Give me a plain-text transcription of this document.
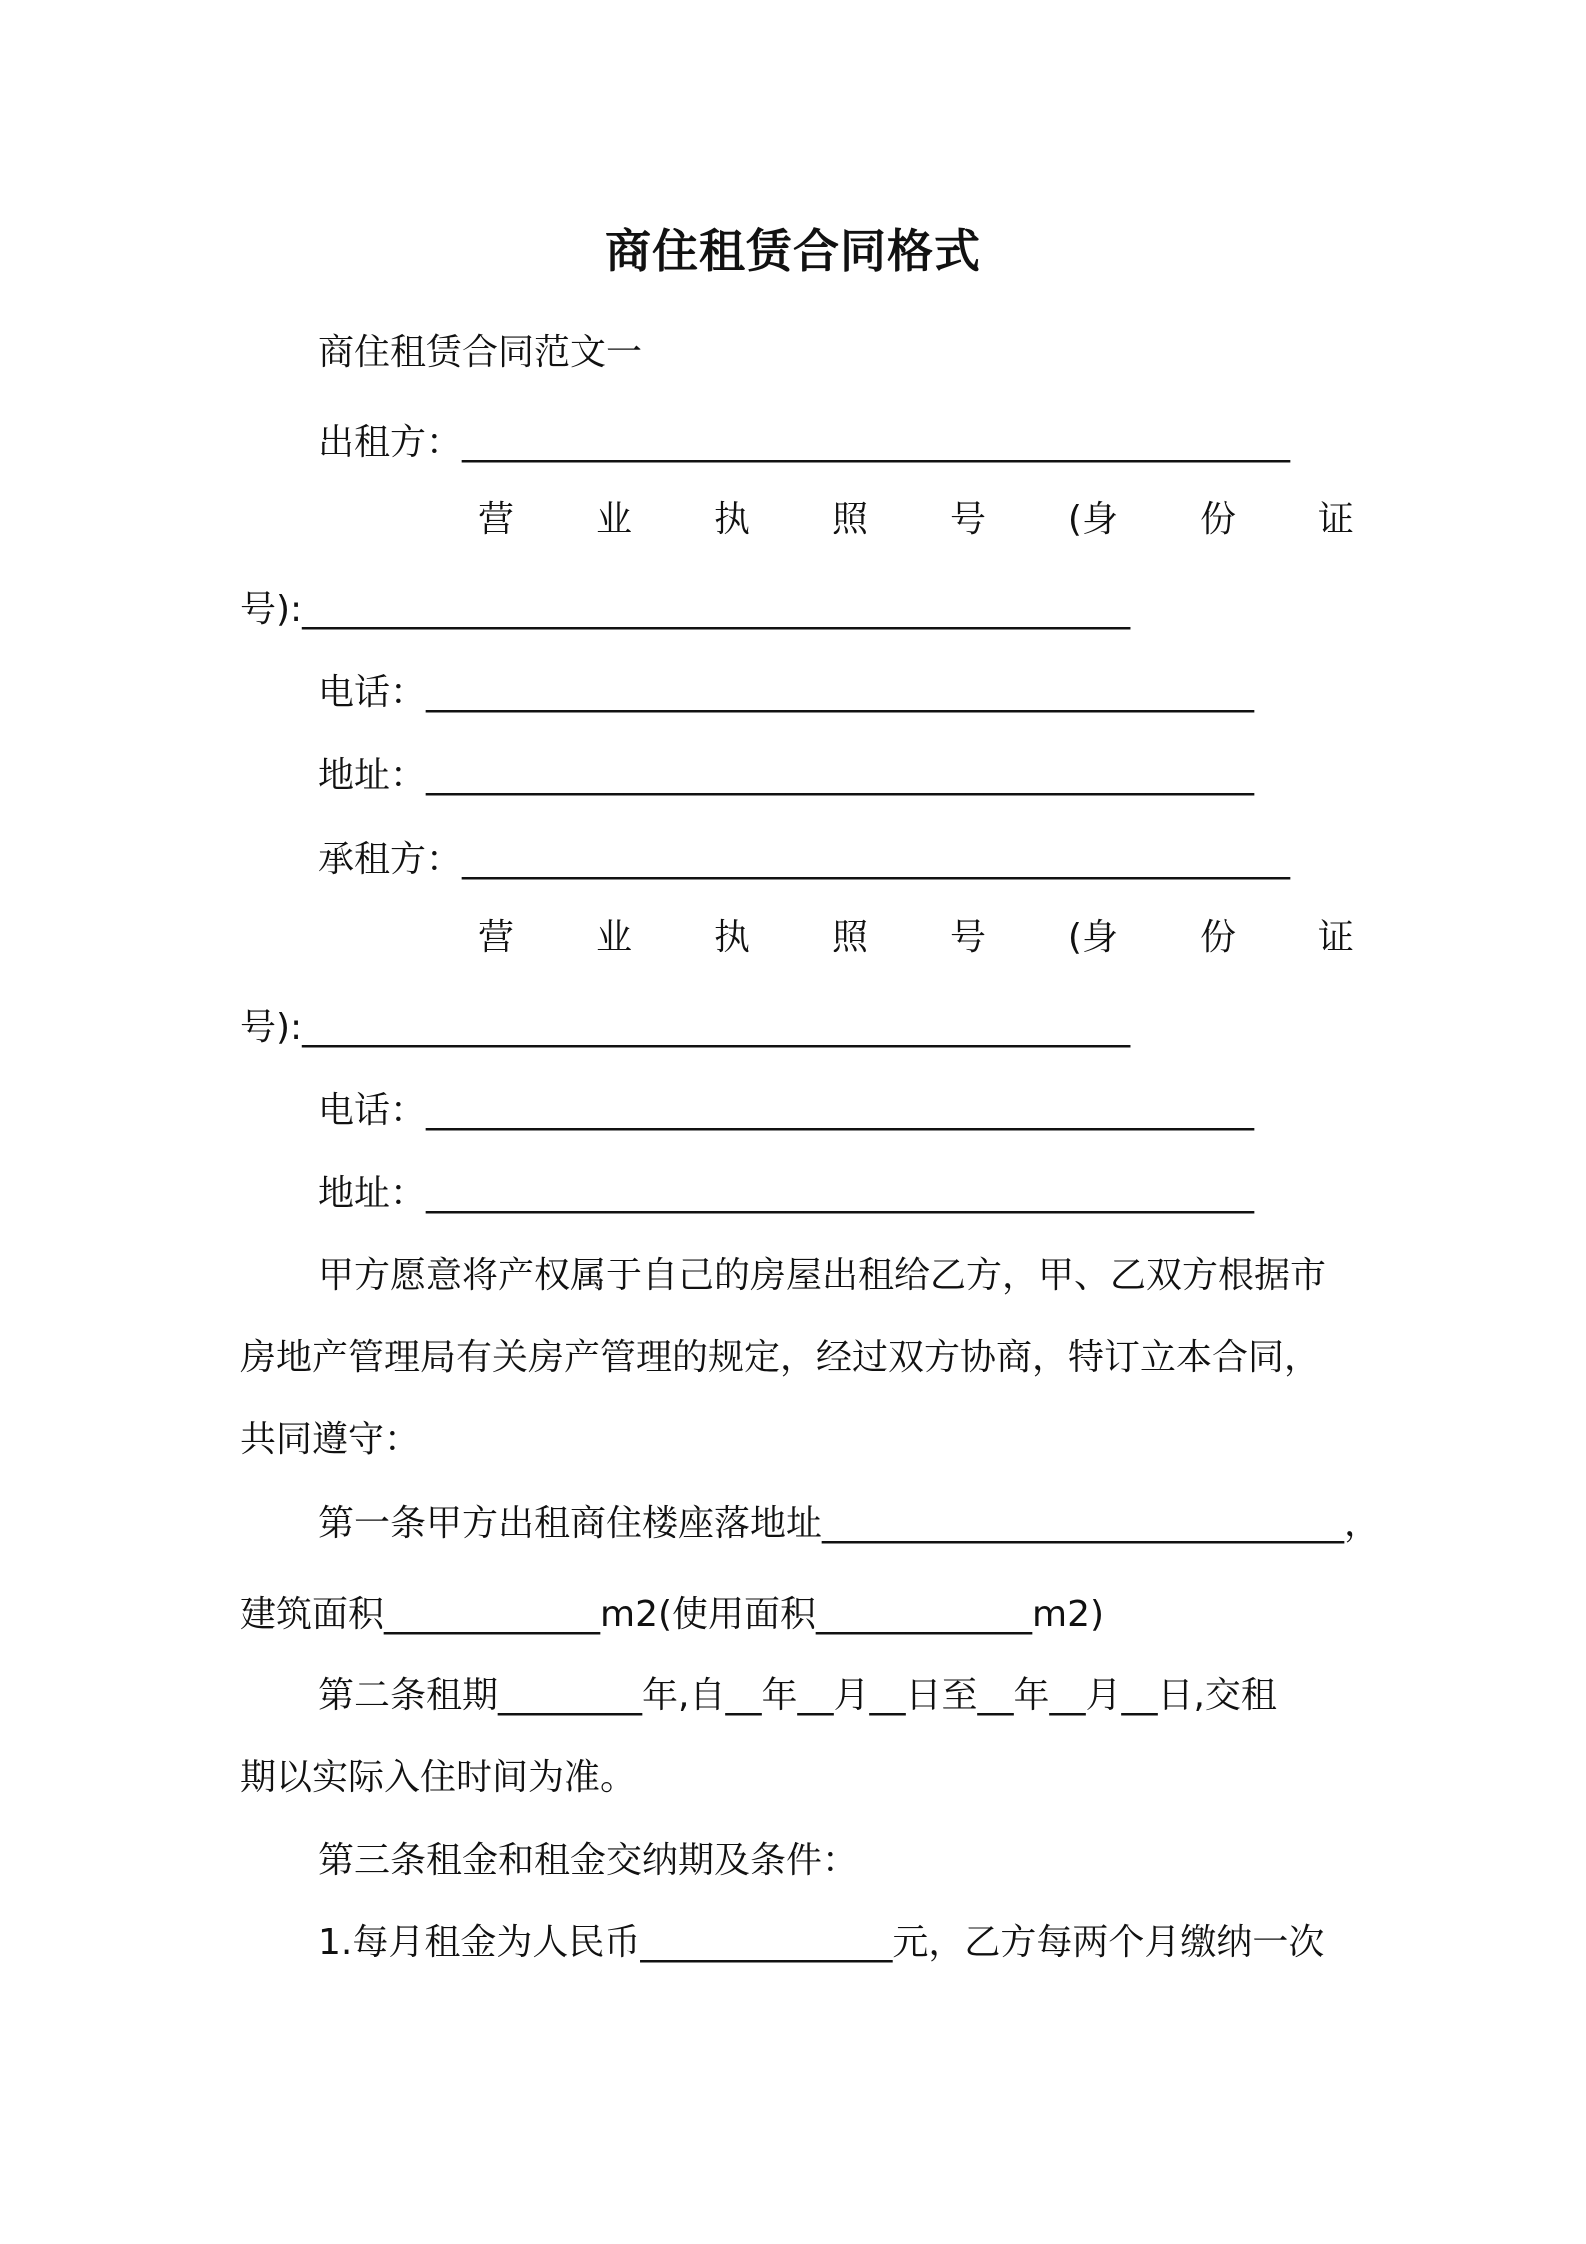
商住租赁合同格式
商住租赁合同范文一
出租方：______________________________________________
营 业 执 照 号 (身 份 证
号):______________________________________________
电话：______________________________________________
地址：______________________________________________
承租方：______________________________________________
营 业 执 照 号 (身 份 证
号):______________________________________________
电话：______________________________________________
地址：______________________________________________
甲方愿意将产权属于自己的房屋出租给乙方，甲、乙双方根据市
房地产管理局有关房产管理的规定，经过双方协商，特订立本合同，
共同遵守：
第一条甲方出租商住楼座落地址_____________________________，
建筑面积____________m2(使用面积____________m2)
第二条租期________年,自__年__月__日至__年__月__日,交租
期以实际入住时间为准。
第三条租金和租金交纳期及条件：
1.每月租金为人民币______________元，乙方每两个月缴纳一次
